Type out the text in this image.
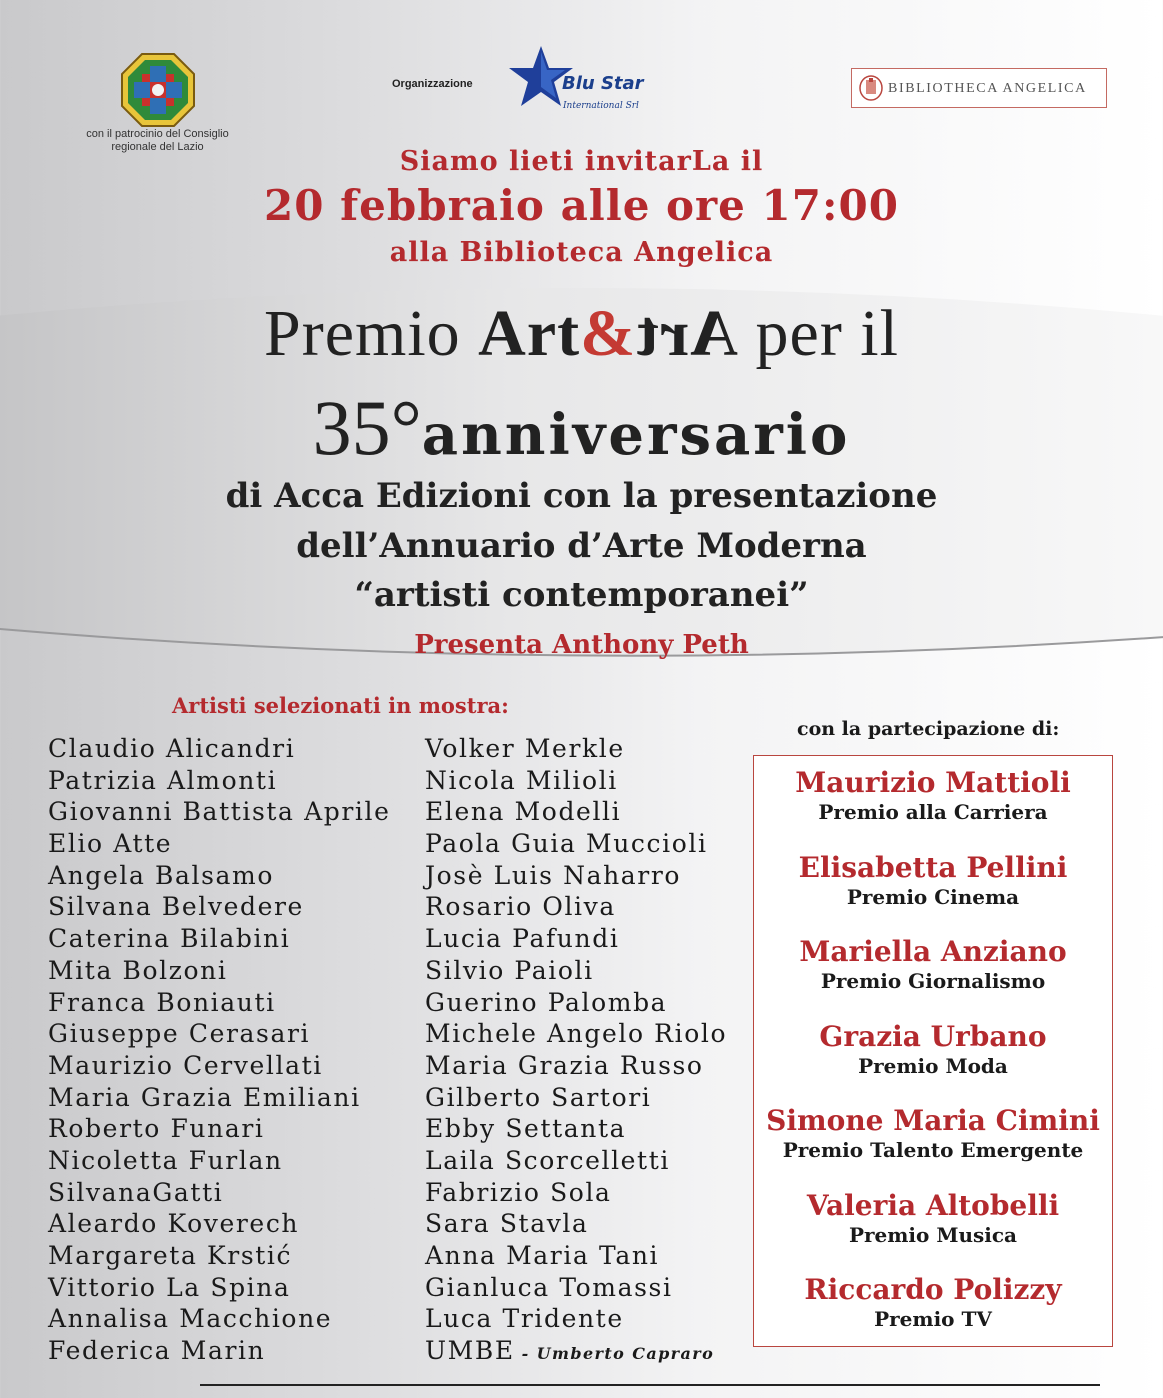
con il patrocinio del Consiglio regionale del Lazio
Organizzazione	Blu Star
International Srl
BIBLIOTHECA ANGELICA
Siamo lieti invitarLa il
20 febbraio alle ore 17:00
alla Biblioteca Angelica
Premio Art&Art per il
35°anniversario
di Acca Edizioni con la presentazione
dell’Annuario d’Arte Moderna
“artisti contemporanei”
Presenta Anthony Peth
Artisti selezionati in mostra:
Claudio Alicandri
Patrizia Almonti
Giovanni Battista Aprile
Elio Atte
Angela Balsamo
Silvana Belvedere
Caterina Bilabini
Mita Bolzoni
Franca Boniauti
Giuseppe Cerasari
Maurizio Cervellati
Maria Grazia Emiliani
Roberto Funari
Nicoletta Furlan
SilvanaGatti
Aleardo Koverech
Margareta Krstić
Vittorio La Spina
Annalisa Macchione
Federica Marin
Volker Merkle
Nicola Milioli
Elena Modelli
Paola Guia Muccioli
Josè Luis Naharro
Rosario Oliva
Lucia Pafundi
Silvio Paioli
Guerino Palomba
Michele Angelo Riolo
Maria Grazia Russo
Gilberto Sartori
Ebby Settanta
Laila Scorcelletti
Fabrizio Sola
Sara Stavla
Anna Maria Tani
Gianluca Tomassi
Luca Tridente
UMBE - Umberto Capraro
con la partecipazione di:
Maurizio Mattioli
Premio alla Carriera
Elisabetta Pellini
Premio Cinema
Mariella Anziano
Premio Giornalismo
Grazia Urbano
Premio Moda
Simone Maria Cimini
Premio Talento Emergente
Valeria Altobelli
Premio Musica
Riccardo Polizzy
Premio TV
